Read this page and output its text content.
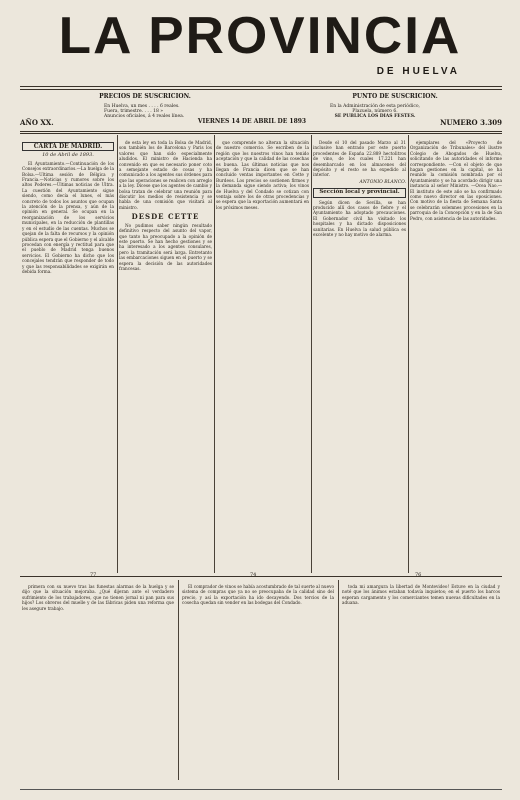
LA PROVINCIA
DE HUELVA
PRECIOS DE SUSCRICION.	PUNTO DE SUSCRICION.
En Huelva, un mes . . . . 6 reales.
Fuera, trimestre. . . . 18 »
Anuncios oficiales, á 4 reales línea.
En la Administración de esta periódico,
Plazuela, número 6.
SE PUBLICA LOS DIAS FESTES.
AÑO XX.	VIERNES 14 DE ABRIL DE 1893	NUMERO 3.309
CARTA DE MADRID.
10 de Abril de 1893.

El Ayuntamiento.—Continuación de los Consejos extraordinarios.—La huelga de la Bolsa.—Ultima sesión de Bélgica y Francia.—Noticias y rumores sobre los altos Poderes.—Últimas noticias de Ultra. La cuestión del Ayuntamiento sigue siendo, como decía el lunes, el más concreto de todos los asuntos que ocupan la atención de la prensa, y aún de la opinión en general. Se ocupan en la reorganización de los servicios municipales, en la reducción de plantillas y en el estudio de las cuentas. Muchos se quejan de la falta de recursos y la opinión pública espera que el Gobierno y el alcalde procedan con energía y rectitud para que el pueblo de Madrid tenga buenos servicios. El Gobierno ha dicho que los concejales tendrán que responder de todo y que las responsabilidades se exigirán en debida forma.

de esta ley en toda la Bolsa de Madrid, son también los de Barcelona y Paris los valores que han sido especialmente aludidos. El ministro de Hacienda ha convenido en que es necesario poner coto a semejante estado de cosas y ha comunicado a los agentes sus órdenes para que las operaciones se realicen con arreglo a la ley. Dícese que los agentes de cambio y bolsa tratan de celebrar una reunión para discutir los medios de resistencia y se habla de una comisión que visitará al ministro.

DESDE CETTE

No pudimos saber ningún resultado definitivo respecto del asunto del vapor, que tanto ha preocupado a la opinión de este puerto. Se han hecho gestiones y se ha interesado a los agentes consulares, pero la tramitación será larga. Entretanto las embarcaciones siguen en el puerto y se espera la decisión de las autoridades francesas.

que comprende no alteran la situación de nuestro comercio. Se escriben de la región que los nuestros vinos han tenido aceptación y que la calidad de las cosechas es buena. Las últimas noticias que nos llegan de Francia dicen que se han concluido ventas importantes en Cette y Burdeos. Los precios se sostienen firmes y la demanda sigue siendo activa; los vinos de Huelva y del Condado se cotizan con ventaja sobre los de otras procedencias y se espera que la exportación aumentará en los próximos meses.

Desde el 10 del pasado Marzo al 31 inclusive han entrado por este puerto procedentes de España 22.889 hectolitros de vino, de los cuales 17.221 han desembarcado en los almacenes del depósito y el resto se ha expedido al interior.

ANTONIO BLANCO.
Sección local y provincial.

Según dicen de Sevilla, se han producido allí dos casos de fiebre y el Ayuntamiento ha adoptado precauciones. El Gobernador civil ha visitado los hospitales y ha dictado disposiciones sanitarias. En Huelva la salud pública es excelente y no hay motivo de alarma.

ejemplares del «Proyecto de Organización de Tribunales» del ilustre Colegio de Abogados de Huelva, solicitando de las autoridades el informe correspondiente. —Con el objeto de que hagan gestiones en la capital, se ha reunido la comisión nombrada por el Ayuntamiento y se ha acordado dirigir una instancia al señor Ministro. —Ocea Nao.— El instituto de este año se ha confirmado como nuevo director en las oposiciones. Con motivo de la fiesta de Semana Santa se celebrarán solemnes procesiones en la parroquia de la Concepción y en la de San Pedro, con asistencia de las autoridades.

77	74	76

primera con su nuevo tras las funestas alarmas de la huelga y se dijo que la situación mejoraba. ¿Qué dijeran ante el verdadero sufrimiento de los trabajadores, que no tienen jornal ni pan para sus hijos? Los obreros del muelle y de las fábricas piden una reforma que les asegure trabajo.

El comprador de vinos se había acostumbrado de tal suerte al nuevo sistema de compras que ya no se preocupaba de la calidad sino del precio, y así la exportación ha ido decayendo. Dos tercios de la cosecha quedan sin vender en las bodegas del Condado.

toda mi amargura la libertad de Montevideo! Estuve en la ciudad y noté que los ánimos estaban todavía inquietos; en el puerto los barcos esperan cargamento y los comerciantes temen nuevas dificultades en la aduana.
